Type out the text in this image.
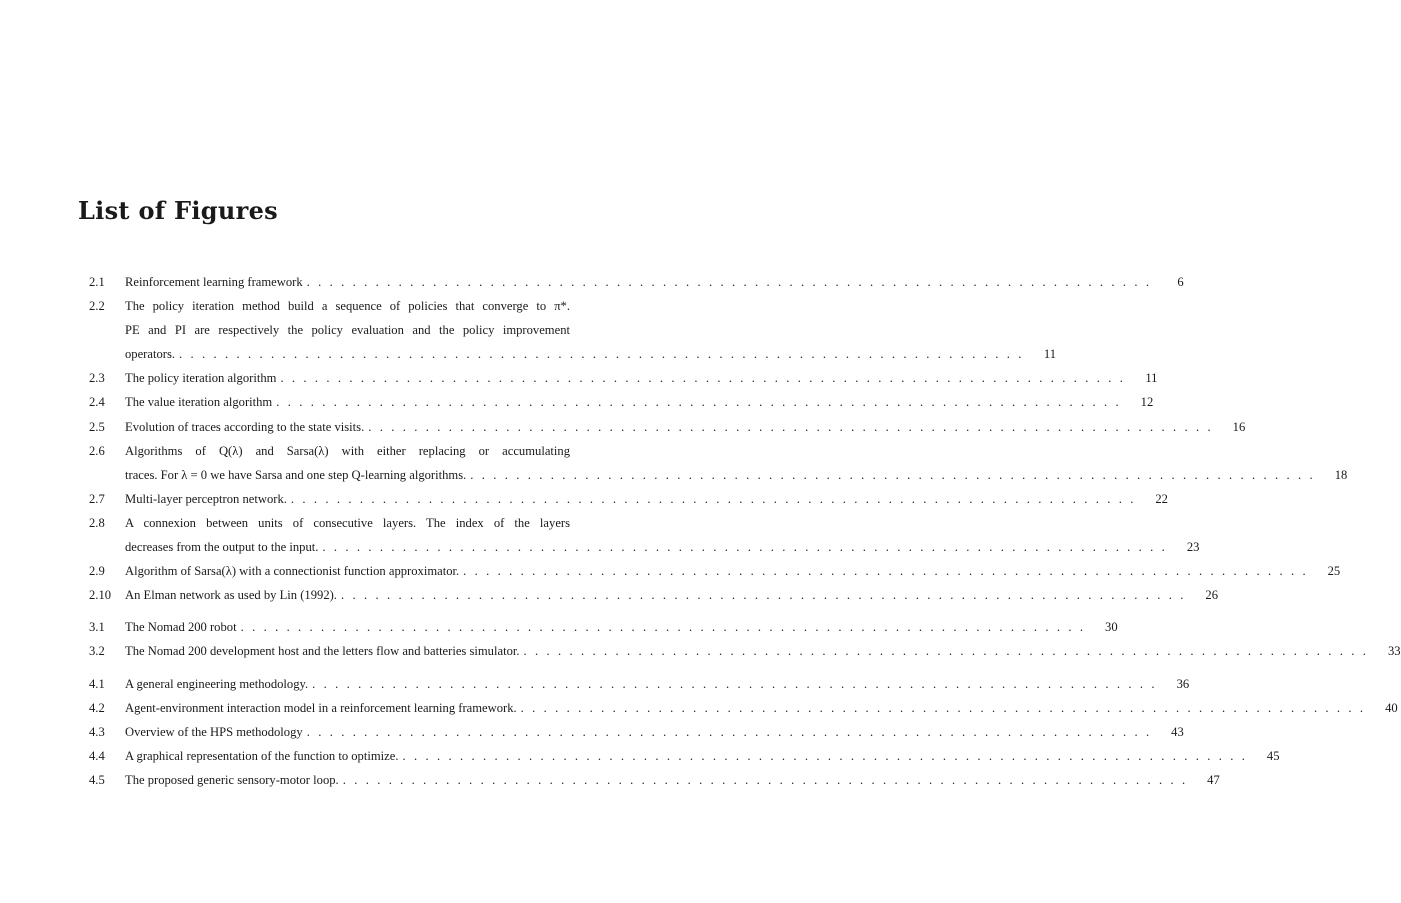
List of Figures
2.1	Reinforcement learning framework . . . . . . . . . . . . . . . . . . . . . . . . . . . . . . . . . . . . . . . . . . . . . . . . . . . . . . . . . . . . . . . . . . . . . . . . . .	6
2.2	The policy iteration method build a sequence of policies that converge to π*.
PE and PI are respectively the policy evaluation and the policy improvement
operators. . . . . . . . . . . . . . . . . . . . . . . . . . . . . . . . . . . . . . . . . . . . . . . . . . . . . . . . . . . . . . . . . . . . . . . . . . .	11
2.3	The policy iteration algorithm . . . . . . . . . . . . . . . . . . . . . . . . . . . . . . . . . . . . . . . . . . . . . . . . . . . . . . . . . . . . . . . . . . . . . . . . . .	11
2.4	The value iteration algorithm . . . . . . . . . . . . . . . . . . . . . . . . . . . . . . . . . . . . . . . . . . . . . . . . . . . . . . . . . . . . . . . . . . . . . . . . . .	12
2.5	Evolution of traces according to the state visits. . . . . . . . . . . . . . . . . . . . . . . . . . . . . . . . . . . . . . . . . . . . . . . . . . . . . . . . . . . . . . . . . . . . . . . . . . .	16
2.6	Algorithms of Q(λ) and Sarsa(λ) with either replacing or accumulating
traces. For λ = 0 we have Sarsa and one step Q-learning algorithms. . . . . . . . . . . . . . . . . . . . . . . . . . . . . . . . . . . . . . . . . . . . . . . . . . . . . . . . . . . . . . . . . . . . . . . . . . .	18
2.7	Multi-layer perceptron network. . . . . . . . . . . . . . . . . . . . . . . . . . . . . . . . . . . . . . . . . . . . . . . . . . . . . . . . . . . . . . . . . . . . . . . . . . .	22
2.8	A connexion between units of consecutive layers. The index of the layers
decreases from the output to the input. . . . . . . . . . . . . . . . . . . . . . . . . . . . . . . . . . . . . . . . . . . . . . . . . . . . . . . . . . . . . . . . . . . . . . . . . . .	23
2.9	Algorithm of Sarsa(λ) with a connectionist function approximator. . . . . . . . . . . . . . . . . . . . . . . . . . . . . . . . . . . . . . . . . . . . . . . . . . . . . . . . . . . . . . . . . . . . . . . . . . .	25
2.10	An Elman network as used by Lin (1992). . . . . . . . . . . . . . . . . . . . . . . . . . . . . . . . . . . . . . . . . . . . . . . . . . . . . . . . . . . . . . . . . . . . . . . . . . .	26
3.1	The Nomad 200 robot . . . . . . . . . . . . . . . . . . . . . . . . . . . . . . . . . . . . . . . . . . . . . . . . . . . . . . . . . . . . . . . . . . . . . . . . . .	30
3.2	The Nomad 200 development host and the letters flow and batteries simulator. . . . . . . . . . . . . . . . . . . . . . . . . . . . . . . . . . . . . . . . . . . . . . . . . . . . . . . . . . . . . . . . . . . . . . . . . . .	33
4.1	A general engineering methodology. . . . . . . . . . . . . . . . . . . . . . . . . . . . . . . . . . . . . . . . . . . . . . . . . . . . . . . . . . . . . . . . . . . . . . . . . . .	36
4.2	Agent-environment interaction model in a reinforcement learning framework. . . . . . . . . . . . . . . . . . . . . . . . . . . . . . . . . . . . . . . . . . . . . . . . . . . . . . . . . . . . . . . . . . . . . . . . . . .	40
4.3	Overview of the HPS methodology . . . . . . . . . . . . . . . . . . . . . . . . . . . . . . . . . . . . . . . . . . . . . . . . . . . . . . . . . . . . . . . . . . . . . . . . . .	43
4.4	A graphical representation of the function to optimize. . . . . . . . . . . . . . . . . . . . . . . . . . . . . . . . . . . . . . . . . . . . . . . . . . . . . . . . . . . . . . . . . . . . . . . . . . .	45
4.5	The proposed generic sensory-motor loop. . . . . . . . . . . . . . . . . . . . . . . . . . . . . . . . . . . . . . . . . . . . . . . . . . . . . . . . . . . . . . . . . . . . . . . . . . .	47
